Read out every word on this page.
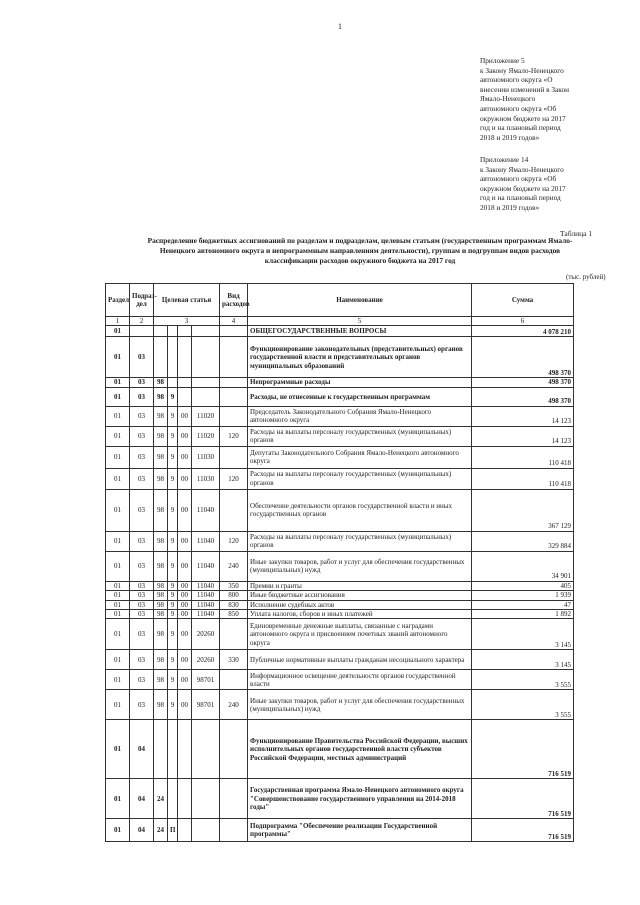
1
Приложение 5
к Закону Ямало-Ненецкого
автономного округа «О
внесении изменений в Закон
Ямало-Ненецкого
автономного округа «Об
окружном бюджете на 2017
год и на плановый период
2018 и 2019 годов»
Приложение 14
к Закону Ямало-Ненецкого
автономного округа «Об
окружном бюджете на 2017
год и на плановый период
2018 и 2019 годов»
Таблица 1
Распределение бюджетных ассигнований по разделам и подразделам, целевым статьям (государственным программам Ямало-
Ненецкого автономного округа и непрограммным направлениям деятельности), группам и подгруппам видов расходов
классификации расходов окружного бюджета на 2017 год
(тыс. рублей)
Раздел	Подраз-дел	Целевая статья				Вид расходов	Наименование	Сумма
1	2	3				4	5	6
01							ОБЩЕГОСУДАРСТВЕННЫЕ ВОПРОСЫ	4 078 210
01	03						Функционирование законодательных (представительных) органов государственной власти и представительных органов муниципальных образований	498 370
01	03	98					Непрограммные расходы	498 370
01	03	98	9				Расходы, не отнесенные к государственным программам	498 370
01	03	98	9	00	11020		Председатель Законодательного Собрания Ямало-Ненецкого автономного округа	14 123
01	03	98	9	00	11020	120	Расходы на выплаты персоналу государственных (муниципальных) органов	14 123
01	03	98	9	00	11030		Депутаты Законодательного Собрания Ямало-Ненецкого автономного округа	110 418
01	03	98	9	00	11030	120	Расходы на выплаты персоналу государственных (муниципальных) органов	110 418
01	03	98	9	00	11040		Обеспечение деятельности органов государственной власти и иных государственных органов	367 129
01	03	98	9	00	11040	120	Расходы на выплаты персоналу государственных (муниципальных) органов	329 884
01	03	98	9	00	11040	240	Иные закупки товаров, работ и услуг для обеспечения государственных (муниципальных) нужд	34 901
01	03	98	9	00	11040	350	Премии и гранты	405
01	03	98	9	00	11040	800	Иные бюджетные ассигнования	1 939
01	03	98	9	00	11040	830	Исполнение судебных актов	47
01	03	98	9	00	11040	850	Уплата налогов, сборов и иных платежей	1 892
01	03	98	9	00	20260		Единовременные денежные выплаты, связанные с наградами автономного округа и присвоением почетных званий автономного округа	3 145
01	03	98	9	00	20260	330	Публичные нормативные выплаты гражданам несоциального характера	3 145
01	03	98	9	00	98701		Информационное освещение деятельности органов государственной власти	3 555
01	03	98	9	00	98701	240	Иные закупки товаров, работ и услуг для обеспечения государственных (муниципальных) нужд	3 555
01	04						Функционирование Правительства Российской Федерации, высших исполнительных органов государственной власти субъектов Российской Федерации, местных администраций	716 519
01	04	24					Государственная программа Ямало-Ненецкого автономного округа "Совершенствование государственного управления на 2014-2018 годы"	716 519
01	04	24	П				Подпрограмма "Обеспечение реализации Государственной программы"	716 519
